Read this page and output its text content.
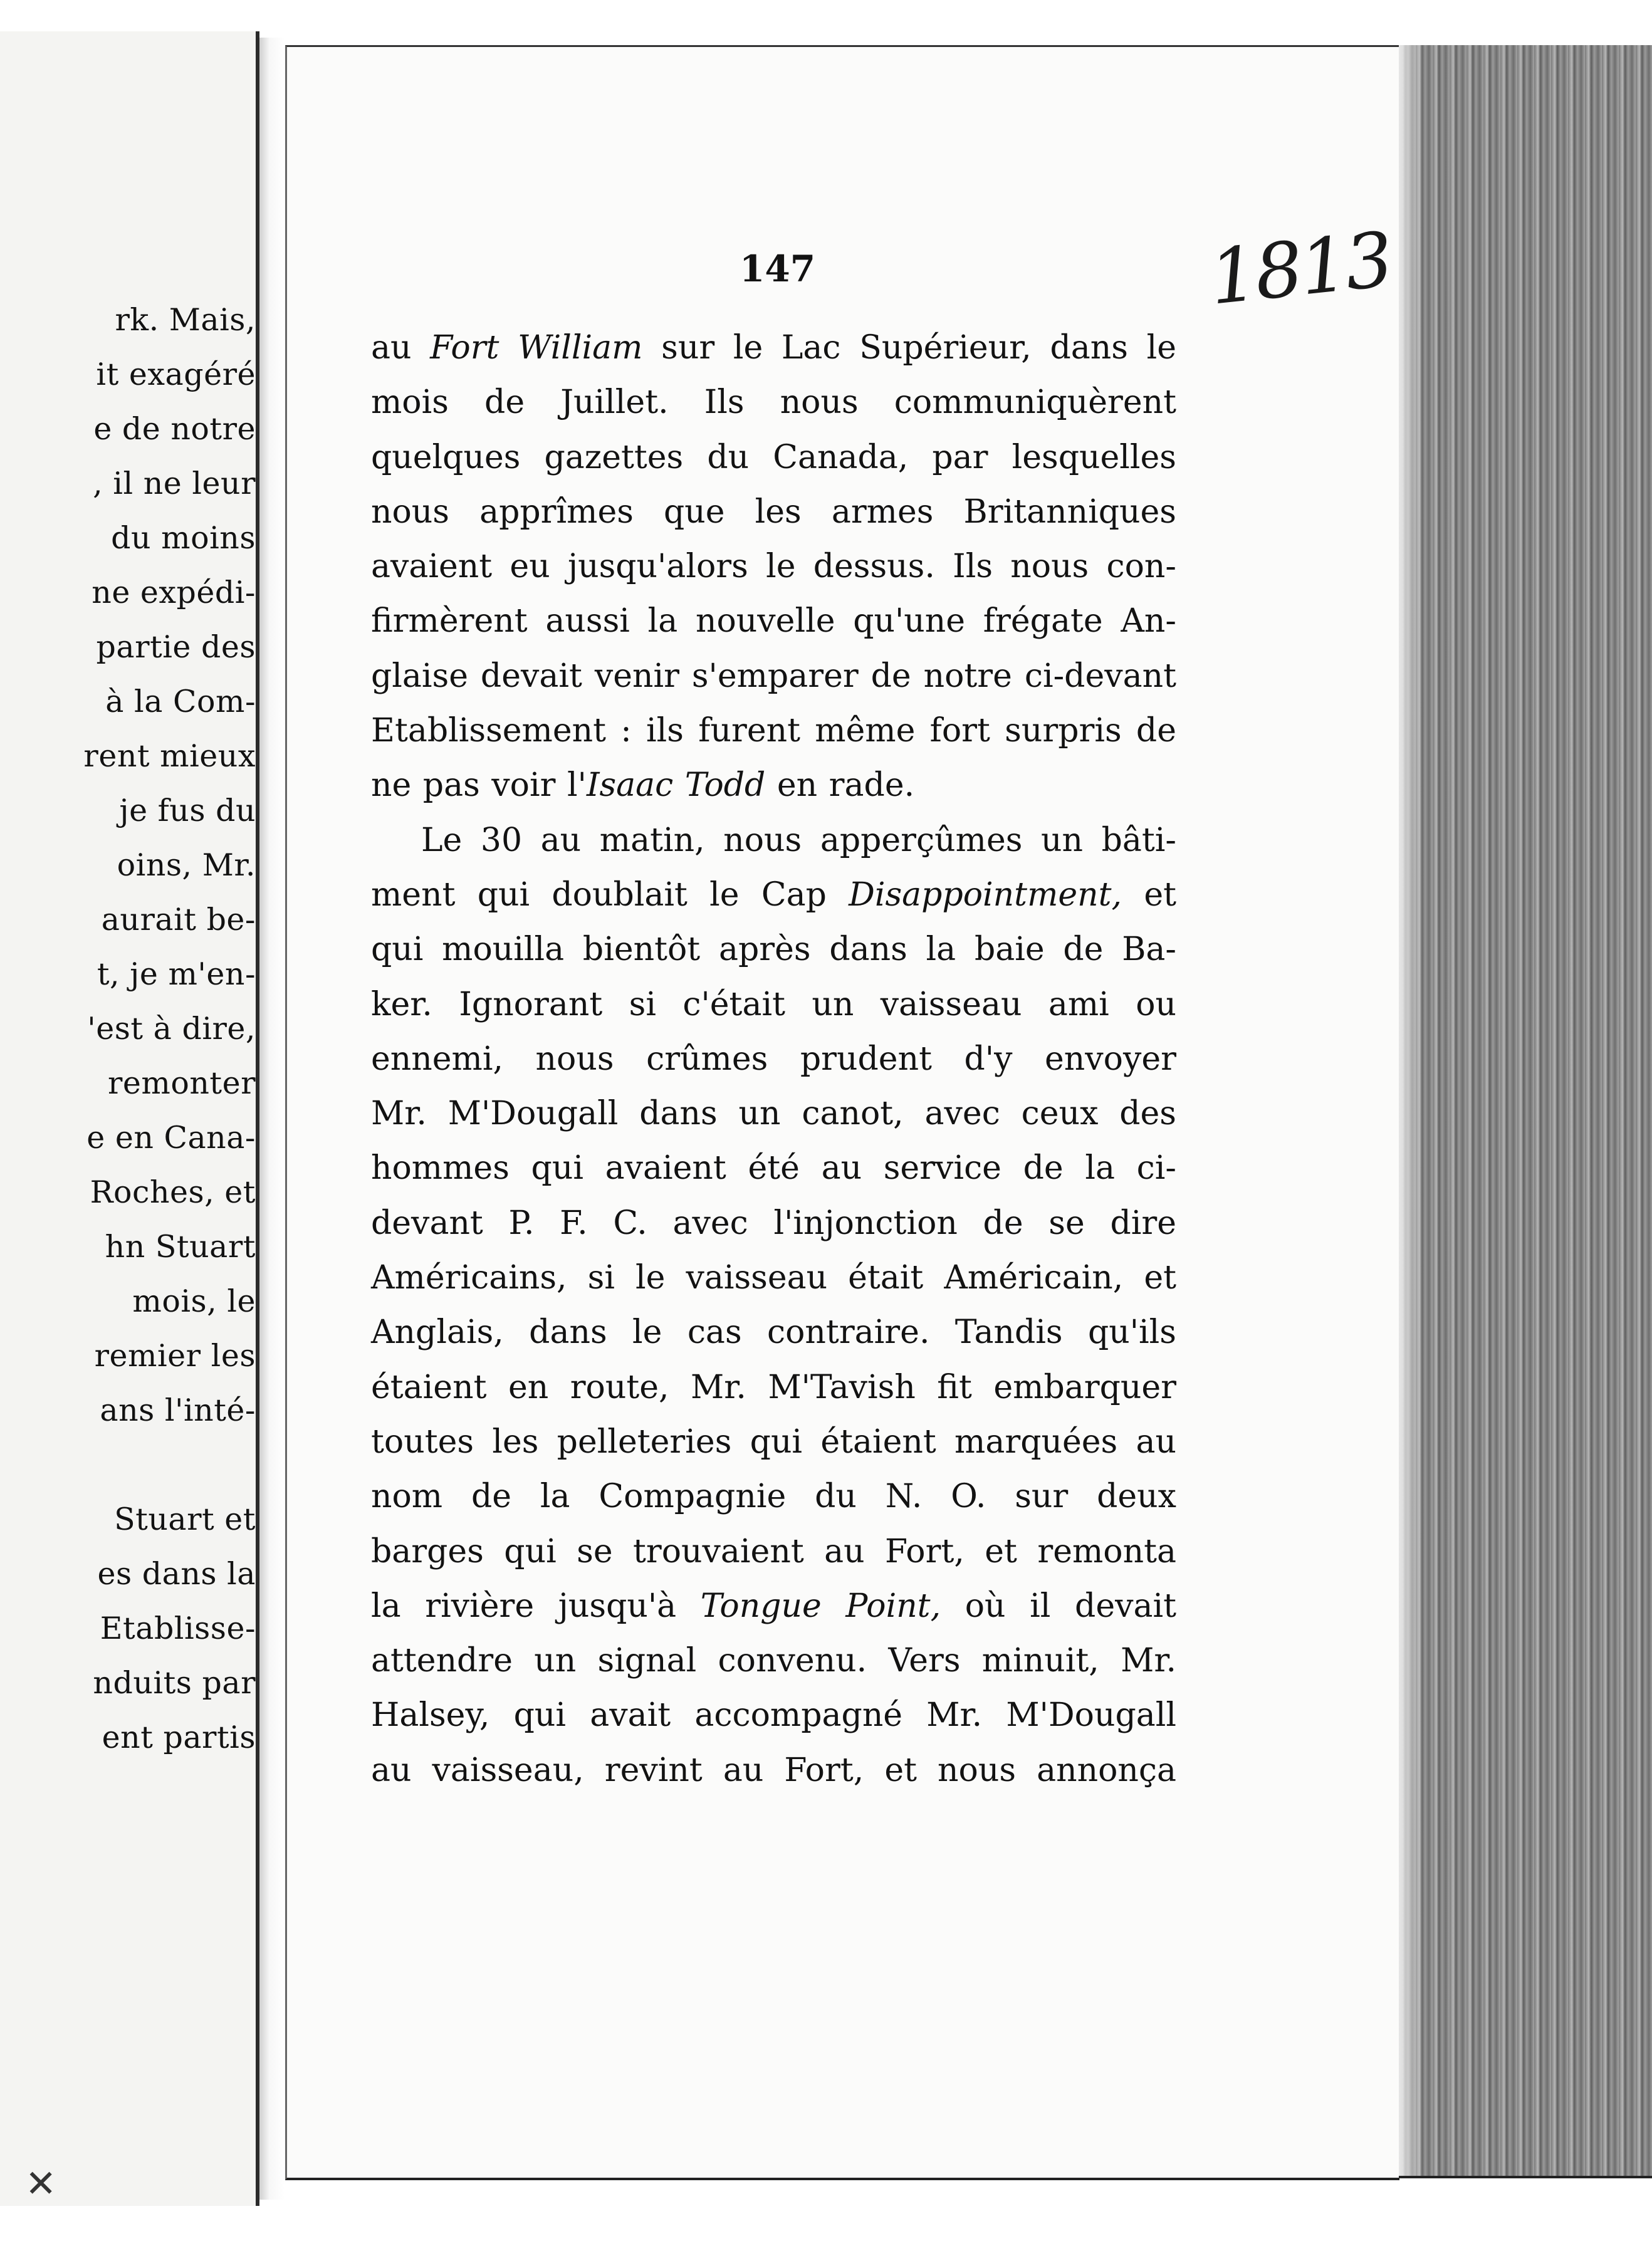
rk. Mais,
it exagéré
e de notre
, il ne leur
du moins
ne expédi-
partie des
à la Com-
rent mieux
je fus du
oins, Mr.
aurait be-
t, je m'en-
'est à dire,
remonter
e en Cana-
Roches, et
hn Stuart
mois, le
remier les
ans l'inté-
Stuart et
es dans la
Etablisse-
nduits par
ent partis
147	1813
au Fort William sur le Lac Supérieur, dans le
mois de Juillet. Ils nous communiquèrent
quelques gazettes du Canada, par lesquelles
nous apprîmes que les armes Britanniques
avaient eu jusqu'alors le dessus. Ils nous con-
firmèrent aussi la nouvelle qu'une frégate An-
glaise devait venir s'emparer de notre ci-devant
Etablissement : ils furent même fort surpris de
ne pas voir l'Isaac Todd en rade.
Le 30 au matin, nous apperçûmes un bâti-
ment qui doublait le Cap Disappointment, et
qui mouilla bientôt après dans la baie de Ba-
ker. Ignorant si c'était un vaisseau ami ou
ennemi, nous crûmes prudent d'y envoyer
Mr. M'Dougall dans un canot, avec ceux des
hommes qui avaient été au service de la ci-
devant P. F. C. avec l'injonction de se dire
Américains, si le vaisseau était Américain, et
Anglais, dans le cas contraire. Tandis qu'ils
étaient en route, Mr. M'Tavish fit embarquer
toutes les pelleteries qui étaient marquées au
nom de la Compagnie du N. O. sur deux
barges qui se trouvaient au Fort, et remonta
la rivière jusqu'à Tongue Point, où il devait
attendre un signal convenu. Vers minuit, Mr.
Halsey, qui avait accompagné Mr. M'Dougall
au vaisseau, revint au Fort, et nous annonça
✕
